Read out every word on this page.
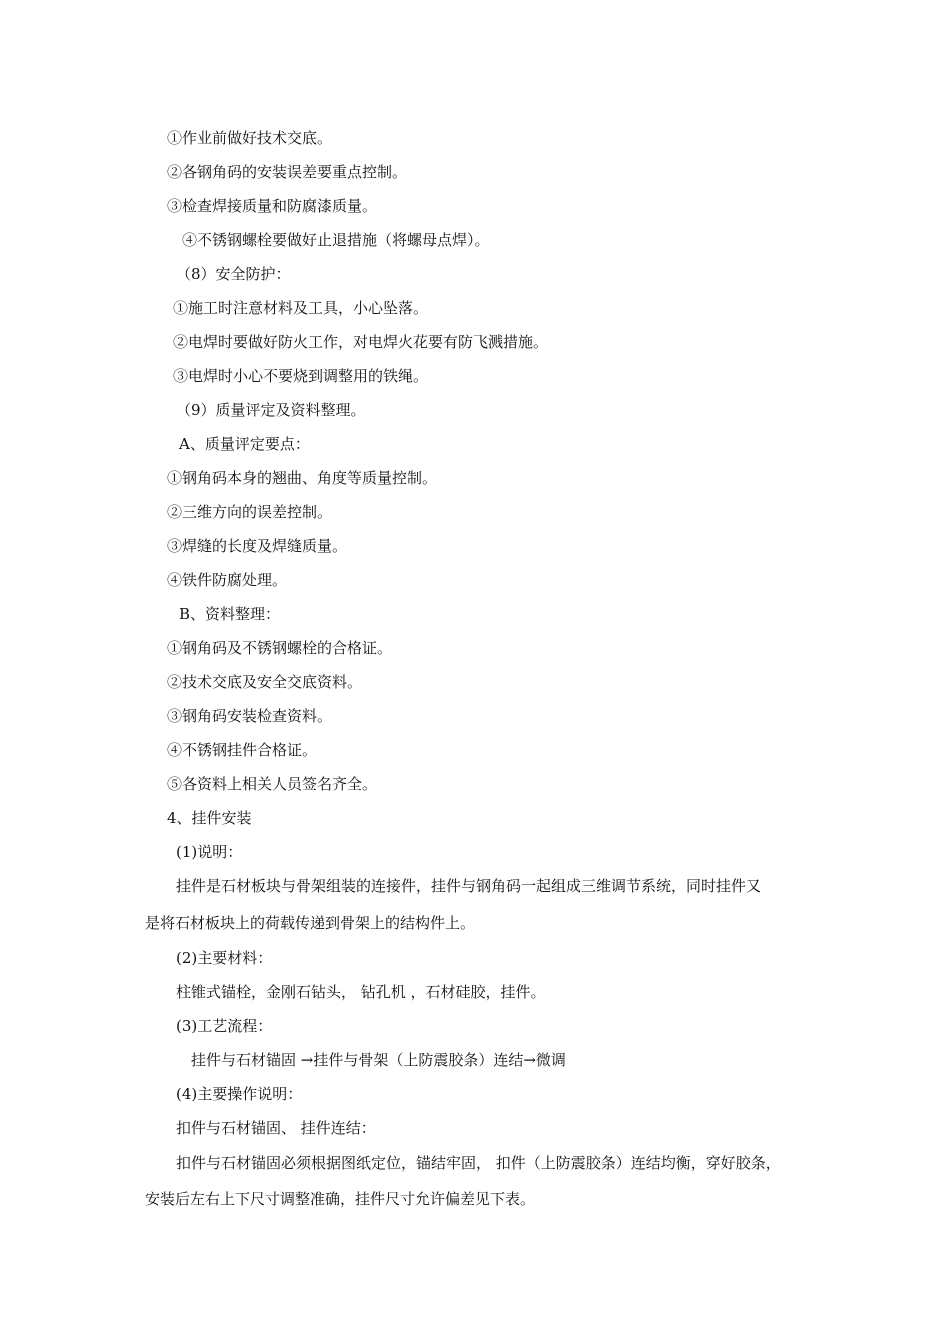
①作业前做好技术交底。
②各钢角码的安装误差要重点控制。
③检查焊接质量和防腐漆质量。
④不锈钢螺栓要做好止退措施（将螺母点焊）。
（8）安全防护：
①施工时注意材料及工具，小心坠落。
②电焊时要做好防火工作，对电焊火花要有防飞溅措施。
③电焊时小心不要烧到调整用的铁绳。
（9）质量评定及资料整理。
A、质量评定要点：
①钢角码本身的翘曲、角度等质量控制。
②三维方向的误差控制。
③焊缝的长度及焊缝质量。
④铁件防腐处理。
B、资料整理：
①钢角码及不锈钢螺栓的合格证。
②技术交底及安全交底资料。
③钢角码安装检查资料。
④不锈钢挂件合格证。
⑤各资料上相关人员签名齐全。
4、挂件安装
(1)说明：
挂件是石材板块与骨架组装的连接件，挂件与钢角码一起组成三维调节系统，同时挂件又
是将石材板块上的荷载传递到骨架上的结构件上。
(2)主要材料：
柱锥式锚栓，金刚石钻头， 钻孔机 ，石材硅胶，挂件。
(3)工艺流程：
挂件与石材锚固 →挂件与骨架（上防震胶条）连结→微调
(4)主要操作说明：
扣件与石材锚固、 挂件连结：
扣件与石材锚固必须根据图纸定位，锚结牢固， 扣件（上防震胶条）连结均衡，穿好胶条，
安装后左右上下尺寸调整准确，挂件尺寸允许偏差见下表。
